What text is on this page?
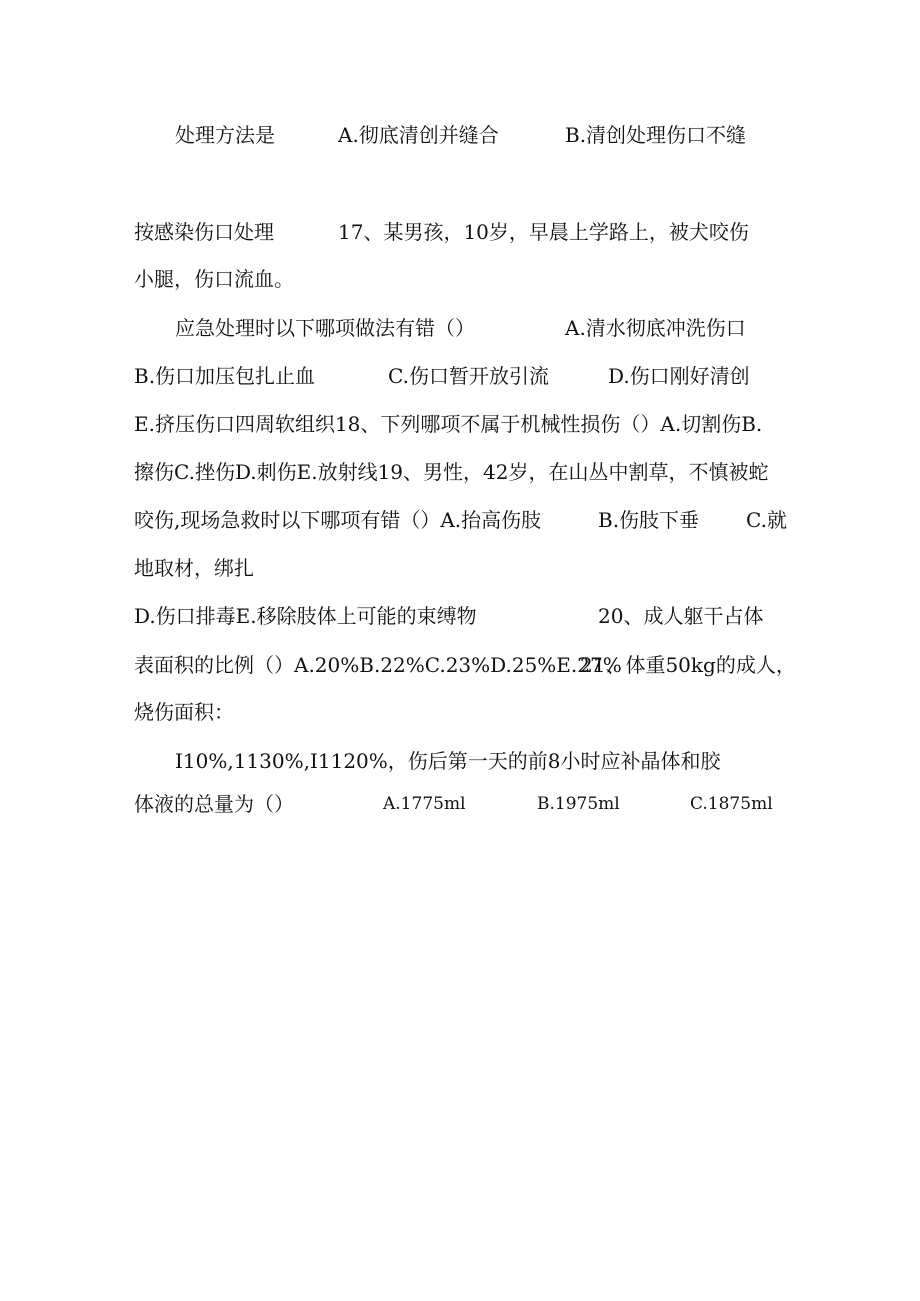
处理方法是	A.彻底清创并缝合	B.清创处理伤口不缝
按感染伤口处理	17、某男孩，10岁，早晨上学路上，被犬咬伤
小腿，伤口流血。
应急处理时以下哪项做法有错（）	A.清水彻底冲洗伤口
B.伤口加压包扎止血	C.伤口暂开放引流	D.伤口刚好清创
E.挤压伤口四周软组织18、下列哪项不属于机械性损伤（）A.切割伤B.
擦伤C.挫伤D.刺伤E.放射线19、男性，42岁，在山丛中割草，不慎被蛇
咬伤,现场急救时以下哪项有错（）A.抬高伤肢	B.伤肢下垂 C.就
地取材，绑扎
D.伤口排毒E.移除肢体上可能的束缚物	20、成人躯干占体
表面积的比例（）A.20%B.22%C.23%D.25%E.27%
21、体重50kg的成人，
烧伤面积：
I10%,1130%,I1120%，伤后第一天的前8小时应补晶体和胶
体液的总量为（）	A.1775ml	B.1975ml	C.1875ml
